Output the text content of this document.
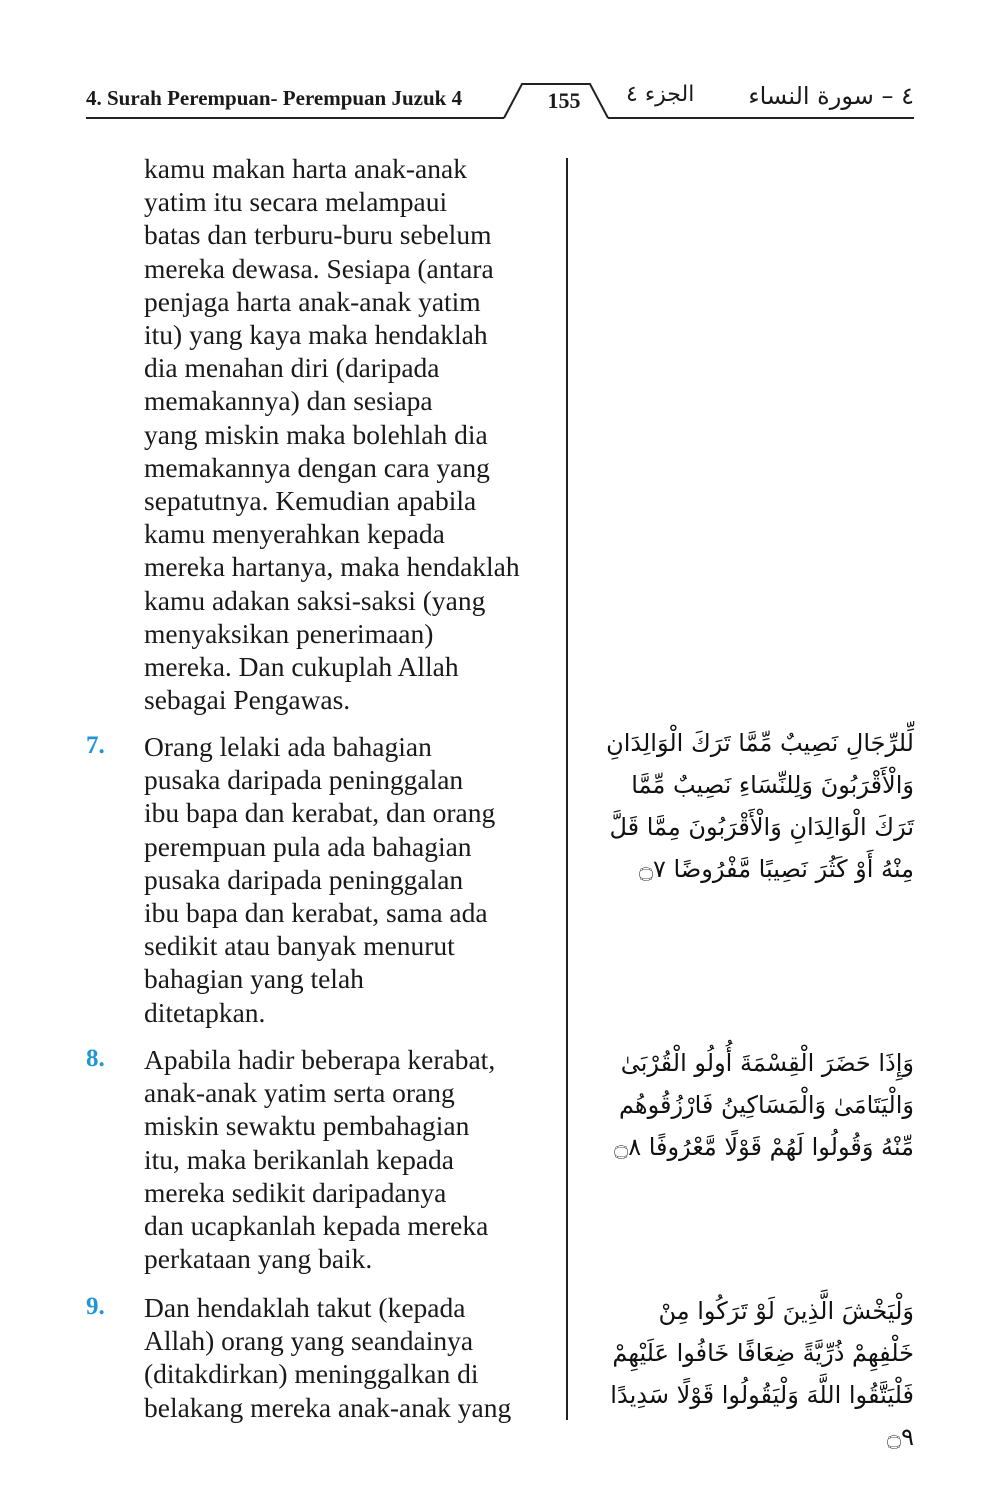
4. Surah Perempuan- Perempuan Juzuk 4	155	الجزء ٤ ٤ – سورة النساء
kamu makan harta anak-anak
yatim itu secara melampaui
batas dan terburu-buru sebelum
mereka dewasa. Sesiapa (antara
penjaga harta anak-anak yatim
itu) yang kaya maka hendaklah
dia menahan diri (daripada
memakannya) dan sesiapa
yang miskin maka bolehlah dia
memakannya dengan cara yang
sepatutnya. Kemudian apabila
kamu menyerahkan kepada
mereka hartanya, maka hendaklah
kamu adakan saksi-saksi (yang
menyaksikan penerimaan)
mereka. Dan cukuplah Allah
sebagai Pengawas.
7. Orang lelaki ada bahagian
pusaka daripada peninggalan
ibu bapa dan kerabat, dan orang
perempuan pula ada bahagian
pusaka daripada peninggalan
ibu bapa dan kerabat, sama ada
sedikit atau banyak menurut
bahagian yang telah
ditetapkan.
لِّلرِّجَالِ نَصِيبٌ مِّمَّا تَرَكَ الْوَالِدَانِ وَالْأَقْرَبُونَ وَلِلنِّسَاءِ نَصِيبٌ مِّمَّا تَرَكَ الْوَالِدَانِ وَالْأَقْرَبُونَ مِمَّا قَلَّ مِنْهُ أَوْ كَثُرَ نَصِيبًا مَّفْرُوضًا ۝٧
8. Apabila hadir beberapa kerabat,
anak-anak yatim serta orang
miskin sewaktu pembahagian
itu, maka berikanlah kepada
mereka sedikit daripadanya
dan ucapkanlah kepada mereka
perkataan yang baik.
وَإِذَا حَضَرَ الْقِسْمَةَ أُولُو الْقُرْبَىٰ وَالْيَتَامَىٰ وَالْمَسَاكِينُ فَارْزُقُوهُم مِّنْهُ وَقُولُوا لَهُمْ قَوْلًا مَّعْرُوفًا ۝٨
9. Dan hendaklah takut (kepada
Allah) orang yang seandainya
(ditakdirkan) meninggalkan di
belakang mereka anak-anak yang
وَلْيَخْشَ الَّذِينَ لَوْ تَرَكُوا مِنْ خَلْفِهِمْ ذُرِّيَّةً ضِعَافًا خَافُوا عَلَيْهِمْ فَلْيَتَّقُوا اللَّهَ وَلْيَقُولُوا قَوْلًا سَدِيدًا ۝٩
